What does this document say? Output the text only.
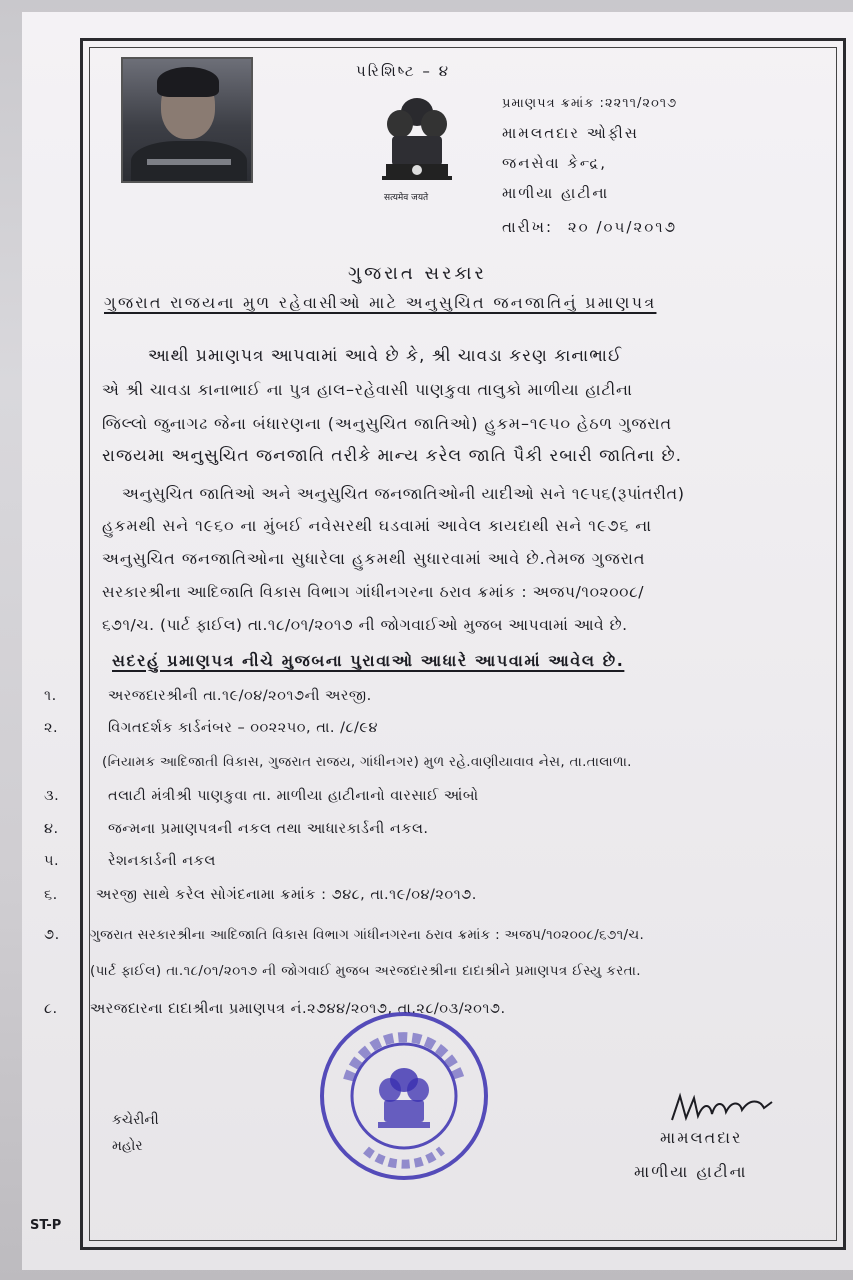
પરિશિષ્ટ – ૪
सत्यमेव जयते
પ્રમાણપત્ર ક્રમાંક :૨૨૧૧/૨૦૧૭
મામલતદાર ઓફીસ
જનસેવા કેન્દ્ર,
માળીયા હાટીના
તારીખ: ૨૦ /૦૫/૨૦૧૭
ગુજરાત સરકાર
ગુજરાત રાજયના મુળ રહેવાસીઓ માટે અનુસુચિત જનજાતિનું પ્રમાણપત્ર
આથી પ્રમાણપત્ર આપવામાં આવે છે કે, શ્રી ચાવડા કરણ કાનાભાઈ
એ શ્રી ચાવડા કાનાભાઈ ના પુત્ર હાલ–રહેવાસી પાણકુવા તાલુકો માળીયા હાટીના
જિલ્લો જુનાગઢ જેના બંધારણના (અનુસુચિત જાતિઓ) હુકમ–૧૯૫૦ હેઠળ ગુજરાત
રાજયમા અનુસુચિત જનજાતિ તરીકે માન્ય કરેલ જાતિ પૈકી રબારી જાતિના છે.
અનુસુચિત જાતિઓ અને અનુસુચિત જનજાતિઓની યાદીઓ સને ૧૯૫૬(રૂપાંતરીત)
હુકમથી સને ૧૯૬૦ ના મુંબઈ નવેસરથી ઘડવામાં આવેલ કાયદાથી સને ૧૯૭૬ ના
અનુસુચિત જનજાતિઓના સુધારેલા હુકમથી સુધારવામાં આવે છે.તેમજ ગુજરાત
સરકારશ્રીના આદિજાતિ વિકાસ વિભાગ ગાંધીનગરના ઠરાવ ક્રમાંક : અજપ/૧૦૨૦૦૮/
૬૭૧/ચ. (પાર્ટ ફાઈલ) તા.૧૮/૦૧/૨૦૧૭ ની જોગવાઈઓ મુજબ આપવામાં આવે છે.
સદરહું પ્રમાણપત્ર નીચે મુજબના પુરાવાઓ આધારે આપવામાં આવેલ છે.
૧.	અરજદારશ્રીની તા.૧૯/૦૪/૨૦૧૭ની અરજી.
૨.	વિગતદર્શક કાર્ડનંબર – ૦૦૨૨૫૦, તા. /૮/૯૪
(નિયામક આદિજાતી વિકાસ, ગુજરાત રાજય, ગાંધીનગર) મુળ રહે.વાણીયાવાવ નેસ, તા.તાલાળા.
૩.	તલાટી મંત્રીશ્રી પાણકુવા તા. માળીયા હાટીનાનો વારસાઈ આંબો
૪.	જન્મના પ્રમાણપત્રની નકલ તથા આધારકાર્ડની નકલ.
૫.	રેશનકાર્ડની નકલ
૬.	અરજી સાથે કરેલ સોગંદનામા ક્રમાંક : ૭૪૮, તા.૧૯/૦૪/૨૦૧૭.
૭. ગુજરાત સરકારશ્રીના આદિજાતિ વિકાસ વિભાગ ગાંધીનગરના ઠરાવ ક્રમાંક : અજપ/૧૦૨૦૦૮/૬૭૧/ચ.
(પાર્ટ ફાઈલ) તા.૧૮/૦૧/૨૦૧૭ ની જોગવાઈ મુજબ અરજદારશ્રીના દાદાશ્રીને પ્રમાણપત્ર ઈસ્યુ કરતા.
૮. અરજદારના દાદાશ્રીના પ્રમાણપત્ર નં.૨૭૪૪/૨૦૧૭, તા.૨૮/૦૩/૨૦૧૭.
કચેરીની
મહોર	મામલતદાર
માળીયા હાટીના
ST-P
